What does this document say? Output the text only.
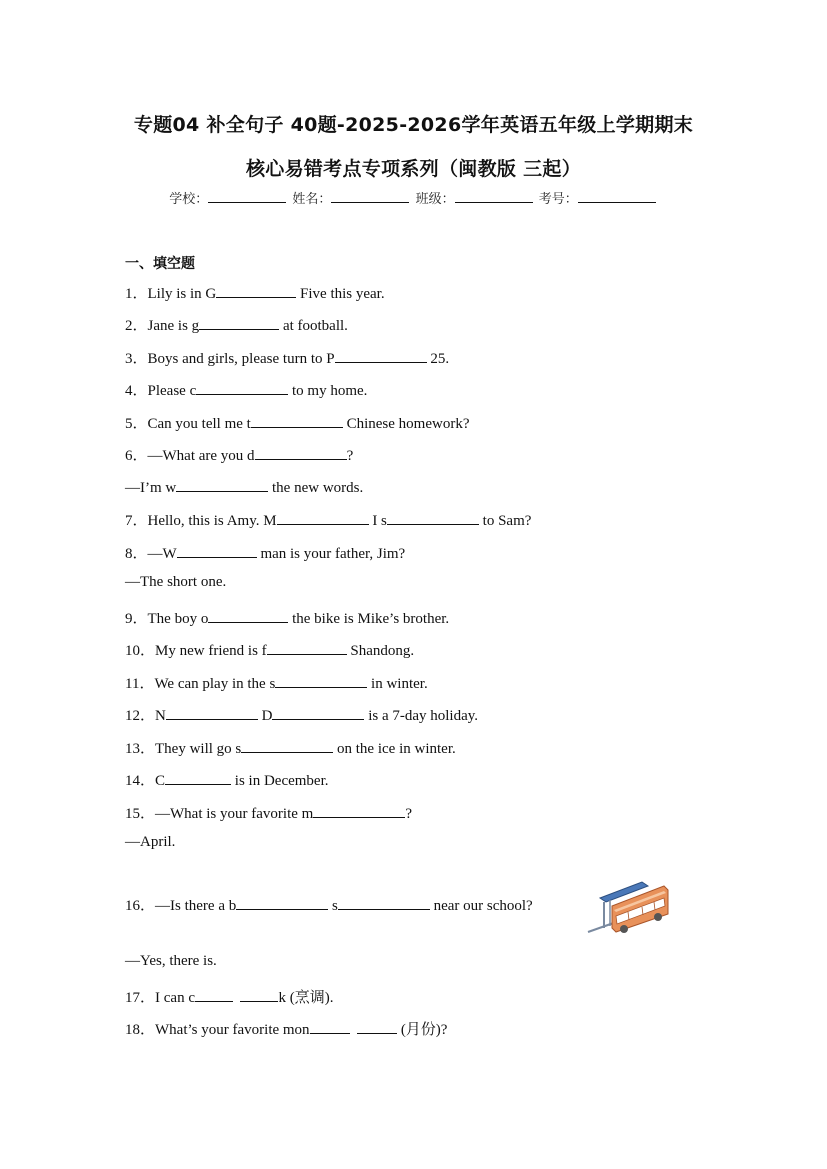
专题04 补全句子 40题-2025-2026学年英语五年级上学期期末
核心易错考点专项系列（闽教版 三起）
学校：	姓名：	班级：	考号：
一、填空题
1．Lily is in G	Five this year.
2．Jane is g	at football.
3．Boys and girls, please turn to P	25.
4．Please c	to my home.
5．Can you tell me t	Chinese homework?
6．—What are you d	?
—I’m w	the new words.
7．Hello, this is Amy. M	I s	to Sam?
8．—W	man is your father, Jim?
—The short one.
9．The boy o	the bike is Mike’s brother.
10．My new friend is f	Shandong.
11．We can play in the s	in winter.
12．N	D	is a 7-day holiday.
13．They will go s	on the ice in winter.
14．C	is in December.
15．—What is your favorite m	?
—April.
16．—Is there a b	s	near our school?
—Yes, there is.
17．I can c	k (烹调).
18．What’s your favorite mon	(月份)?
